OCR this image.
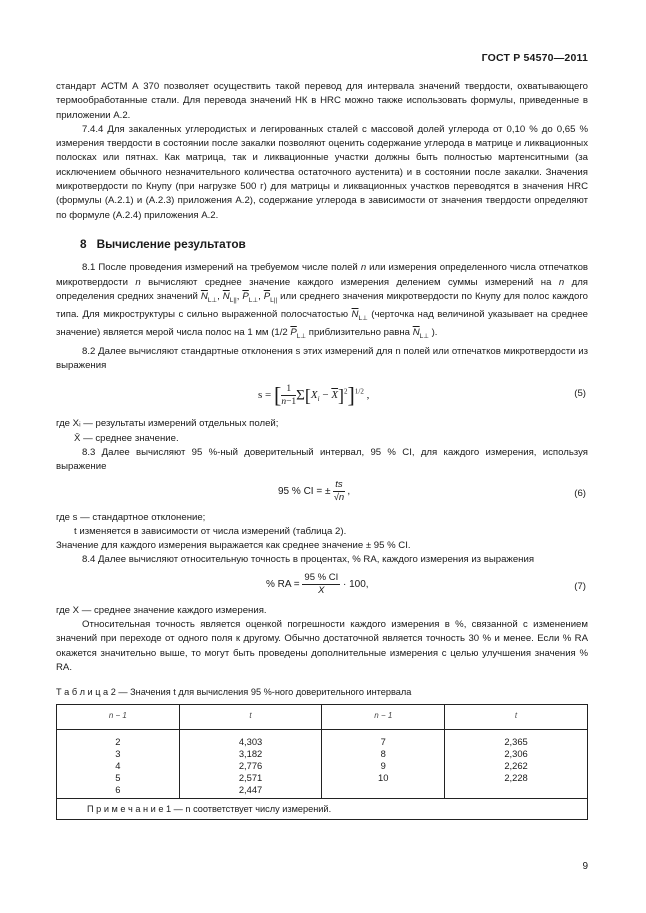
ГОСТ Р 54570—2011

стандарт АСТМ А 370 позволяет осуществить такой перевод для интервала значений твердости, охватывающего термообработанные стали. Для перевода значений НК в HRC можно также использовать формулы, приведенные в приложении А.2.

7.4.4 Для закаленных углеродистых и легированных сталей с массовой долей углерода от 0,10 % до 0,65 % измерения твердости в состоянии после закалки позволяют оценить содержание углерода в матрице и ликвационных полосках или пятнах. Как матрица, так и ликвационные участки должны быть полностью мартенситными (за исключением обычного незначительного количества остаточного аустенита) и в состоянии после закалки. Значения микротвердости по Кнупу (при нагрузке 500 г) для матрицы и ликвационных участков переводятся в значения HRC (формулы (А.2.1) и (А.2.3) приложения А.2), содержание углерода в зависимости от значения твердости определяют по формуле (А.2.4) приложения А.2.

8 Вычисление результатов

8.1 После проведения измерений на требуемом числе полей n или измерения определенного числа отпечатков микротвердости n вычисляют среднее значение каждого измерения делением суммы измерений на n для определения средних значений $\overline{N}_{L\perp}$, $\overline{N}_{L||}$, $\overline{P}_{L\perp}$, $\overline{P}_{L||}$ или среднего значения микротвердости по Кнупу для полос каждого типа. Для микроструктуры с сильно выраженной полосчатостью $\overline{N}_{L\perp}$ (черточка над величиной указывает на среднее значение) является мерой числа полос на 1 мм (1/2 $\overline{P}_{L\perp}$ приблизительно равна $\overline{N}_{L\perp}$ ).

8.2 Далее вычисляют стандартные отклонения s этих измерений для n полей или отпечатков микротвердости из выражения

s = [ $\frac{1}{n-1} \Sigma[X_i - \overline{X}]^2]^{1/2}$ ,	(5)

где Xᵢ — результаты измерений отдельных полей;

X̄ — среднее значение.

8.3 Далее вычисляют 95 %-ный доверительный интервал, 95 % CI, для каждого измерения, используя выражение

95 % CI = ± $\frac{ts}{√n}$ ,	(6)

где s — стандартное отклонение;

t изменяется в зависимости от числа измерений (таблица 2).

Значение для каждого измерения выражается как среднее значение ± 95 % CI.

8.4 Далее вычисляют относительную точность в процентах, % RA, каждого измерения из выражения

% RA = $\frac{95 \% CI}{X} \cdot 100$,	(7)

где X — среднее значение каждого измерения.

Относительная точность является оценкой погрешности каждого измерения в %, связанной с изменением значений при переходе от одного поля к другому. Обычно достаточной является точность 30 % и менее. Если % RA окажется значительно выше, то могут быть проведены дополнительные измерения с целью улучшения значения % RA.

Т а б л и ц а 2 — Значения t для вычисления 95 %-ного доверительного интервала
n − 1	t	n − 1	t
2	4,303	7	2,365
3	3,182	8	2,306
4	2,776	9	2,262
5	2,571	10	2,228
6	2,447		
П р и м е ч а н и е 1 — n соответствует числу измерений.			
9
